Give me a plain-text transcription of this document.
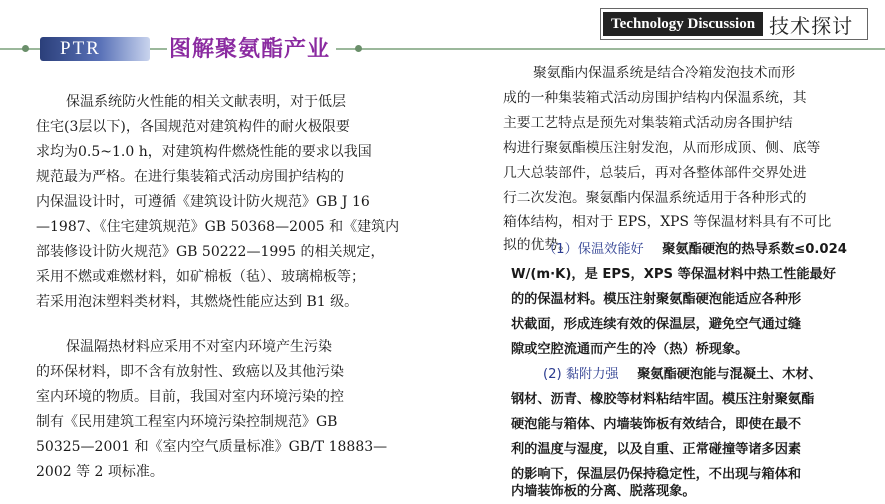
PTR	图解聚氨酯产业
Technology Discussion 技术探讨
保温系统防火性能的相关文献表明，对于低层
住宅(3层以下)，各国规范对建筑构件的耐火极限要
求均为0.5~1.0 h，对建筑构件燃烧性能的要求以我国
规范最为严格。在进行集装箱式活动房围护结构的
内保温设计时，可遵循《建筑设计防火规范》GB J 16
—1987、《住宅建筑规范》GB 50368—2005 和《建筑内
部装修设计防火规范》GB 50222—1995 的相关规定，
采用不燃或难燃材料，如矿棉板（毡）、玻璃棉板等；
若采用泡沫塑料类材料，其燃烧性能应达到 B1 级。
保温隔热材料应采用不对室内环境产生污染
的环保材料，即不含有放射性、致癌以及其他污染
室内环境的物质。目前，我国对室内环境污染的控
制有《民用建筑工程室内环境污染控制规范》GB
50325—2001 和《室内空气质量标准》GB/T 18883—
2002 等 2 项标准。
聚氨酯内保温系统是结合冷箱发泡技术而形
成的一种集装箱式活动房围护结构内保温系统，其
主要工艺特点是预先对集装箱式活动房各围护结
构进行聚氨酯模压注射发泡，从而形成顶、侧、底等
几大总装部件，总装后，再对各整体部件交界处进
行二次发泡。聚氨酯内保温系统适用于各种形式的
箱体结构，相对于 EPS，XPS 等保温材料具有不可比
拟的优势。
（1）保温效能好 聚氨酯硬泡的热导系数≤0.024
W/(m·K)，是 EPS，XPS 等保温材料中热工性能最好
的的保温材料。模压注射聚氨酯硬泡能适应各种形
状截面，形成连续有效的保温层，避免空气通过缝
隙或空腔流通而产生的冷（热）桥现象。
(2) 黏附力强 聚氨酯硬泡能与混凝土、木材、
钢材、沥青、橡胶等材料粘结牢固。模压注射聚氨酯
硬泡能与箱体、内墙装饰板有效结合，即使在最不
利的温度与湿度，以及自重、正常碰撞等诸多因素
的影响下，保温层仍保持稳定性，不出现与箱体和
内墙装饰板的分离、脱落现象。
